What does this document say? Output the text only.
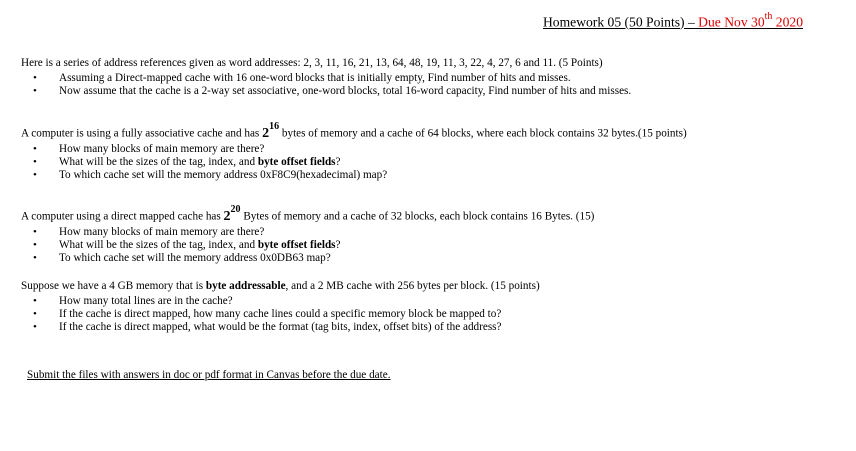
Homework 05 (50 Points) – Due Nov 30th 2020

Here is a series of address references given as word addresses: 2, 3, 11, 16, 21, 13, 64, 48, 19, 11, 3, 22, 4, 27, 6 and 11. (5 Points)

• Assuming a Direct-mapped cache with 16 one-word blocks that is initially empty, Find number of hits and misses.
• Now assume that the cache is a 2-way set associative, one-word blocks, total 16-word capacity, Find number of hits and misses.

A computer is using a fully associative cache and has $2^{16}$ bytes of memory and a cache of 64 blocks, where each block contains 32 bytes.(15 points)

• How many blocks of main memory are there?
• What will be the sizes of the tag, index, and byte offset fields?
• To which cache set will the memory address 0xF8C9(hexadecimal) map?

A computer using a direct mapped cache has $2^{20}$ Bytes of memory and a cache of 32 blocks, each block contains 16 Bytes. (15)

• How many blocks of main memory are there?
• What will be the sizes of the tag, index, and byte offset fields?
• To which cache set will the memory address 0x0DB63 map?

Suppose we have a 4 GB memory that is byte addressable, and a 2 MB cache with 256 bytes per block. (15 points)

• How many total lines are in the cache?
• If the cache is direct mapped, how many cache lines could a specific memory block be mapped to?
• If the cache is direct mapped, what would be the format (tag bits, index, offset bits) of the address?
Submit the files with answers in doc or pdf format in Canvas before the due date.
